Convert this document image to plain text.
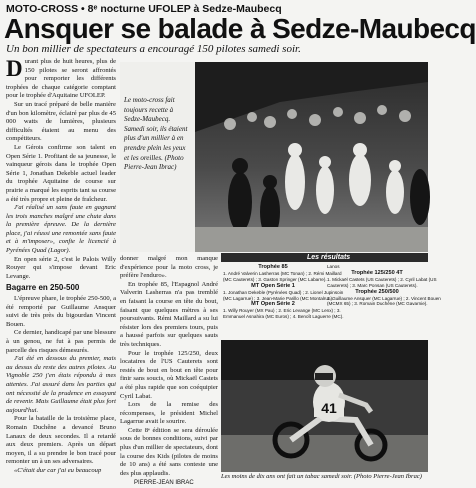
MOTO-CROSS • 8ᵉ nocturne UFOLEP à Sedze-Maubecq
Ansquer se balade à Sedze-Maubecq
Un bon millier de spectateurs a encouragé 150 pilotes samedi soir.

Durant plus de huit heures, plus de 150 pilotes se seront affrontés pour remporter les différents trophées de chaque catégorie comptant pour le trophée d'Aquitaine UFOLEP.

Sur un tracé préparé de belle manière d'un bon kilomètre, éclairé par plus de 45 000 watts de lumières, plusieurs difficultés étaient au menu des compétiteurs.

Le Gérois confirme son talent en Open Série 1. Profitant de sa jeunesse, le vainqueur gérois dans le trophée Open Série 1, Jonathan Dekeble actuel leader du trophée Aquitaine de course sur prairie a marqué les esprits tant sa course a été très propre et pleine de fraîcheur.

J'ai réalisé un sans faute en gagnant les trois manches malgré une chute dans la première épreuve. De la dernière place, j'ai réussi une remontée sans faute et à m'imposer», confie le licencié à Pyrénées Quad (Lagor).

En open série 2, c'est le Palois Willy Rouyer qui s'impose devant Eric Levange.

Bagarre en 250-500

L'épreuve phare, le trophée 250-500, a été remporté par Guillaume Ansquer suivi de très près du bigourdan Vincent Bouen.

Ce dernier, handicapé par une blessure à un genou, ne fut à pas permis de parcelle des risques démesurés.

J'ai été en dessous du premier, mais au dessus du reste des autres pilotes. Au Vignoble 250 j'en étais répondu à mes attentes. J'ai assuré dans les parties qui ont nécessité de la prudence en essayant de revenir. Mais Guillaume était plus fort aujourd'hui.

Pour la bataille de la troisième place, Romain Duchêne a devancé Bruno Lanaux de deux secondes. Il a retardé aux deux premiers. Après un départ moyen, il a su prendre le bon tracé pour remonter un à un ses adversaires.

«C'était dur car j'ai eu beaucoup

Le moto-cross fait toujours recette à Sedze-Maubecq. Samedi soir, ils étaient plus d'un millier à en prendre plein les yeux et les oreilles. (Photo Pierre-Jean Ibrac)

donner malgré mon manque d'expérience pour la moto cross, je préfère l'enduro».

En trophée 85, l'Espagnol André Valverin Lasherras n'a pas tremblé en faisant la course en tête du bout, faisant que quelques mètres à ses poursuivants. Rémi Maillard a su lui résister lors des premiers tours, puis a haussé parfois sur quelques sauts très techniques.

Pour le trophée 125/250, deux locataires de l'US Cauterets sont restés de bout en bout en tête pour finir sans soucis, où Mickaël Castets a été plus rapide que son coéquipier Cyril Labat.

Lors de la remise des récompenses, le président Michel Lagarrue avait le sourire.

Cette 8ᵉ édition se sera déroulée sous de bonnes conditions, suivi par plus d'un millier de spectateurs, dont la course des Kids (pilotes de moins de 10 ans) a été sans conteste une des plus applaudis.

PIERRE-JEAN IBRAC
Les résultats
Trophée 85
1. André Valverin Lasherras (MC Tonan) ; 2. Rémi Maillard
(MC Cauterets) ; 3. Gaston Springer (MC Labarre).
MT Open Série 1
1. Jonathan Dekeble (Pyrénées Quad) ; 2. Lionel Jupinsoin
(MC Lagarrue) ; 3. Jean-Marie Parillo (MC Montalrun).
MT Open Série 2
1. Willy Rouyer (MX Pau) ; 2. Eric Levange (MC Lenx) ; 3.
Emmanuel Asnahira (MC Euros) ; 4. Benoît Laguerre (MC).
Lanos
Trophée 125/250 4T
1. Mickaël Castets (US Cauterets) ; 2. Cyril Labat (US
Cauterets) ; 3. Marc Ponsan (US Cauterets).
Trophée 250/500
1. Guillaume Ansquer (MC Lagarrue) ; 2. Vincent Bouen
(MCMX 65) ; 3. Romain Duchêne (MC Gavarnie).
41
Les moins de dix ans ont fait un tabac samedi soir. (Photo Pierre-Jean Ibrac)
